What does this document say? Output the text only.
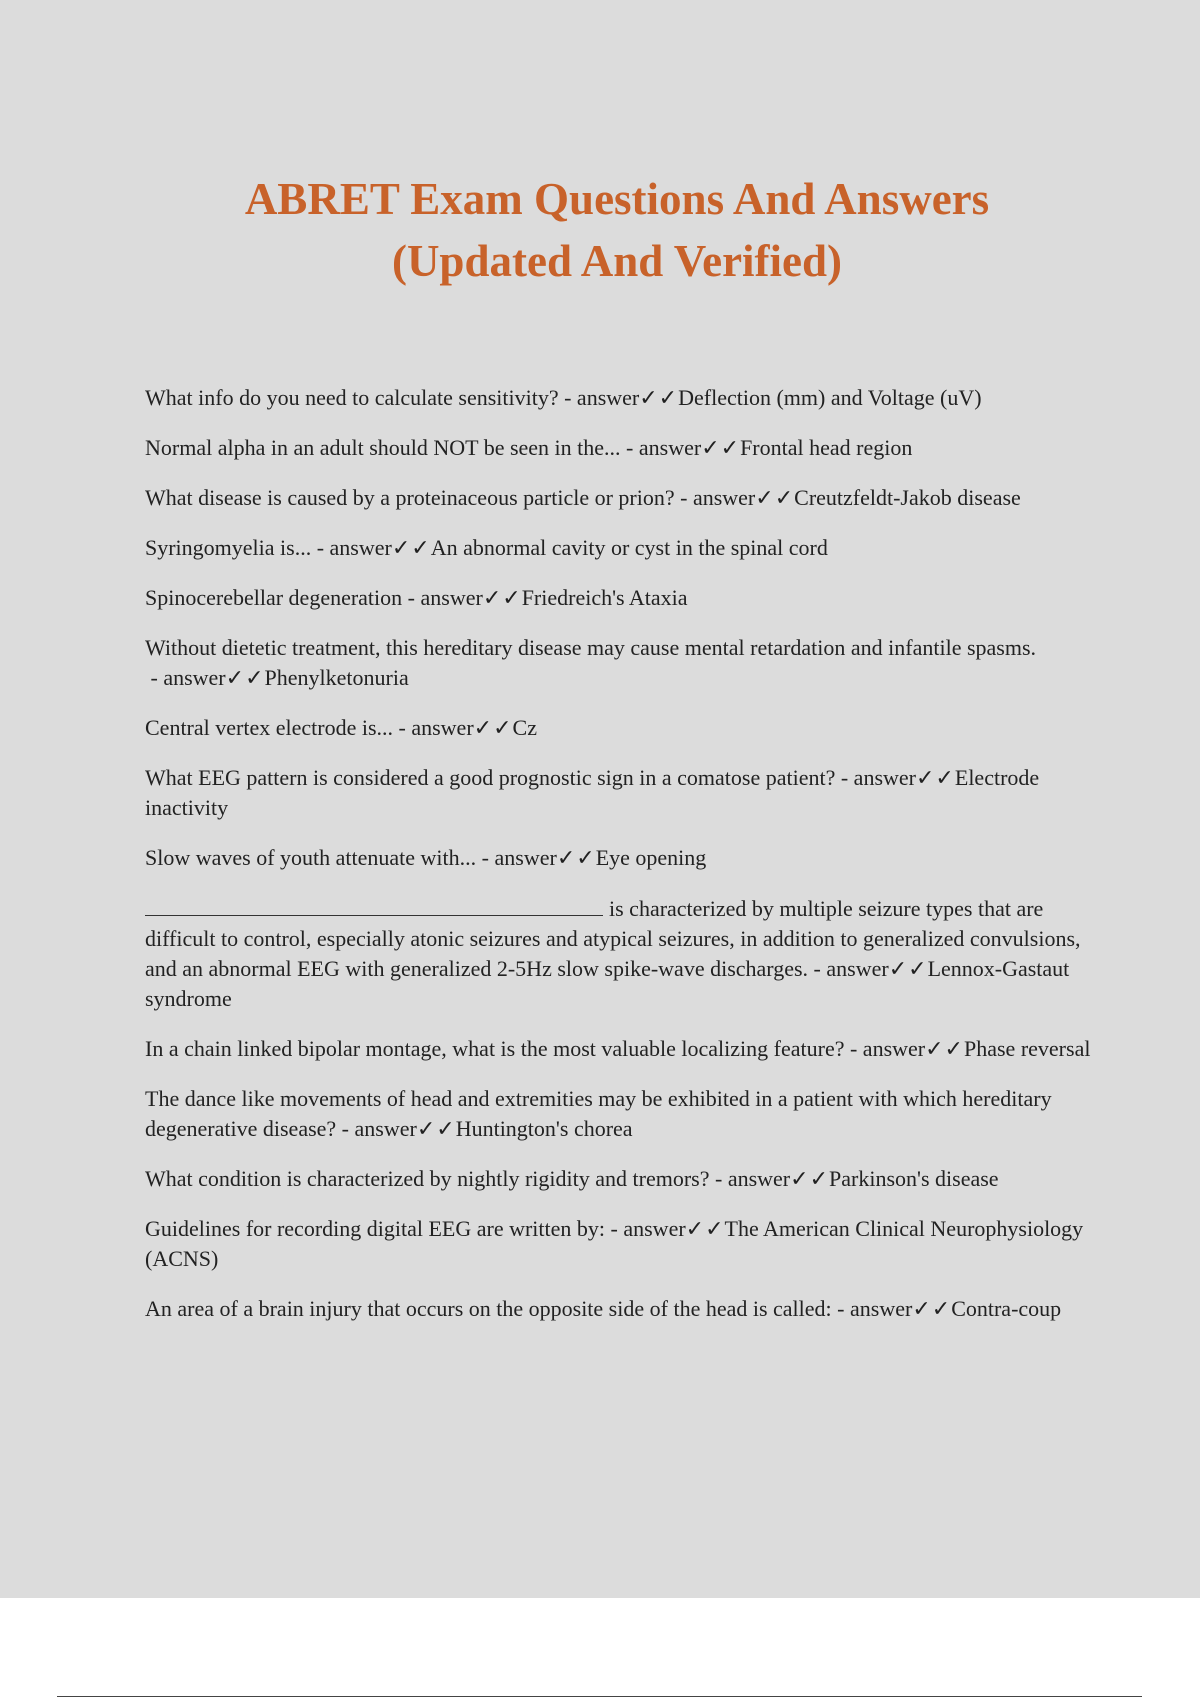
ABRET Exam Questions And Answers
(Updated And Verified)

What info do you need to calculate sensitivity? - answer✓✓Deflection (mm) and Voltage (uV)

Normal alpha in an adult should NOT be seen in the... - answer✓✓Frontal head region

What disease is caused by a proteinaceous particle or prion? - answer✓✓Creutzfeldt-Jakob disease

Syringomyelia is... - answer✓✓An abnormal cavity or cyst in the spinal cord

Spinocerebellar degeneration - answer✓✓Friedreich's Ataxia

Without dietetic treatment, this hereditary disease may cause mental retardation and infantile spasms. - answer✓✓Phenylketonuria

Central vertex electrode is... - answer✓✓Cz

What EEG pattern is considered a good prognostic sign in a comatose patient? - answer✓✓Electrode inactivity

Slow waves of youth attenuate with... - answer✓✓Eye opening

is characterized by multiple seizure types that are difficult to control, especially atonic seizures and atypical seizures, in addition to generalized convulsions, and an abnormal EEG with generalized 2-5Hz slow spike-wave discharges. - answer✓✓Lennox-Gastaut syndrome

In a chain linked bipolar montage, what is the most valuable localizing feature? - answer✓✓Phase reversal

The dance like movements of head and extremities may be exhibited in a patient with which hereditary degenerative disease? - answer✓✓Huntington's chorea

What condition is characterized by nightly rigidity and tremors? - answer✓✓Parkinson's disease

Guidelines for recording digital EEG are written by: - answer✓✓The American Clinical Neurophysiology (ACNS)

An area of a brain injury that occurs on the opposite side of the head is called: - answer✓✓Contra-coup
